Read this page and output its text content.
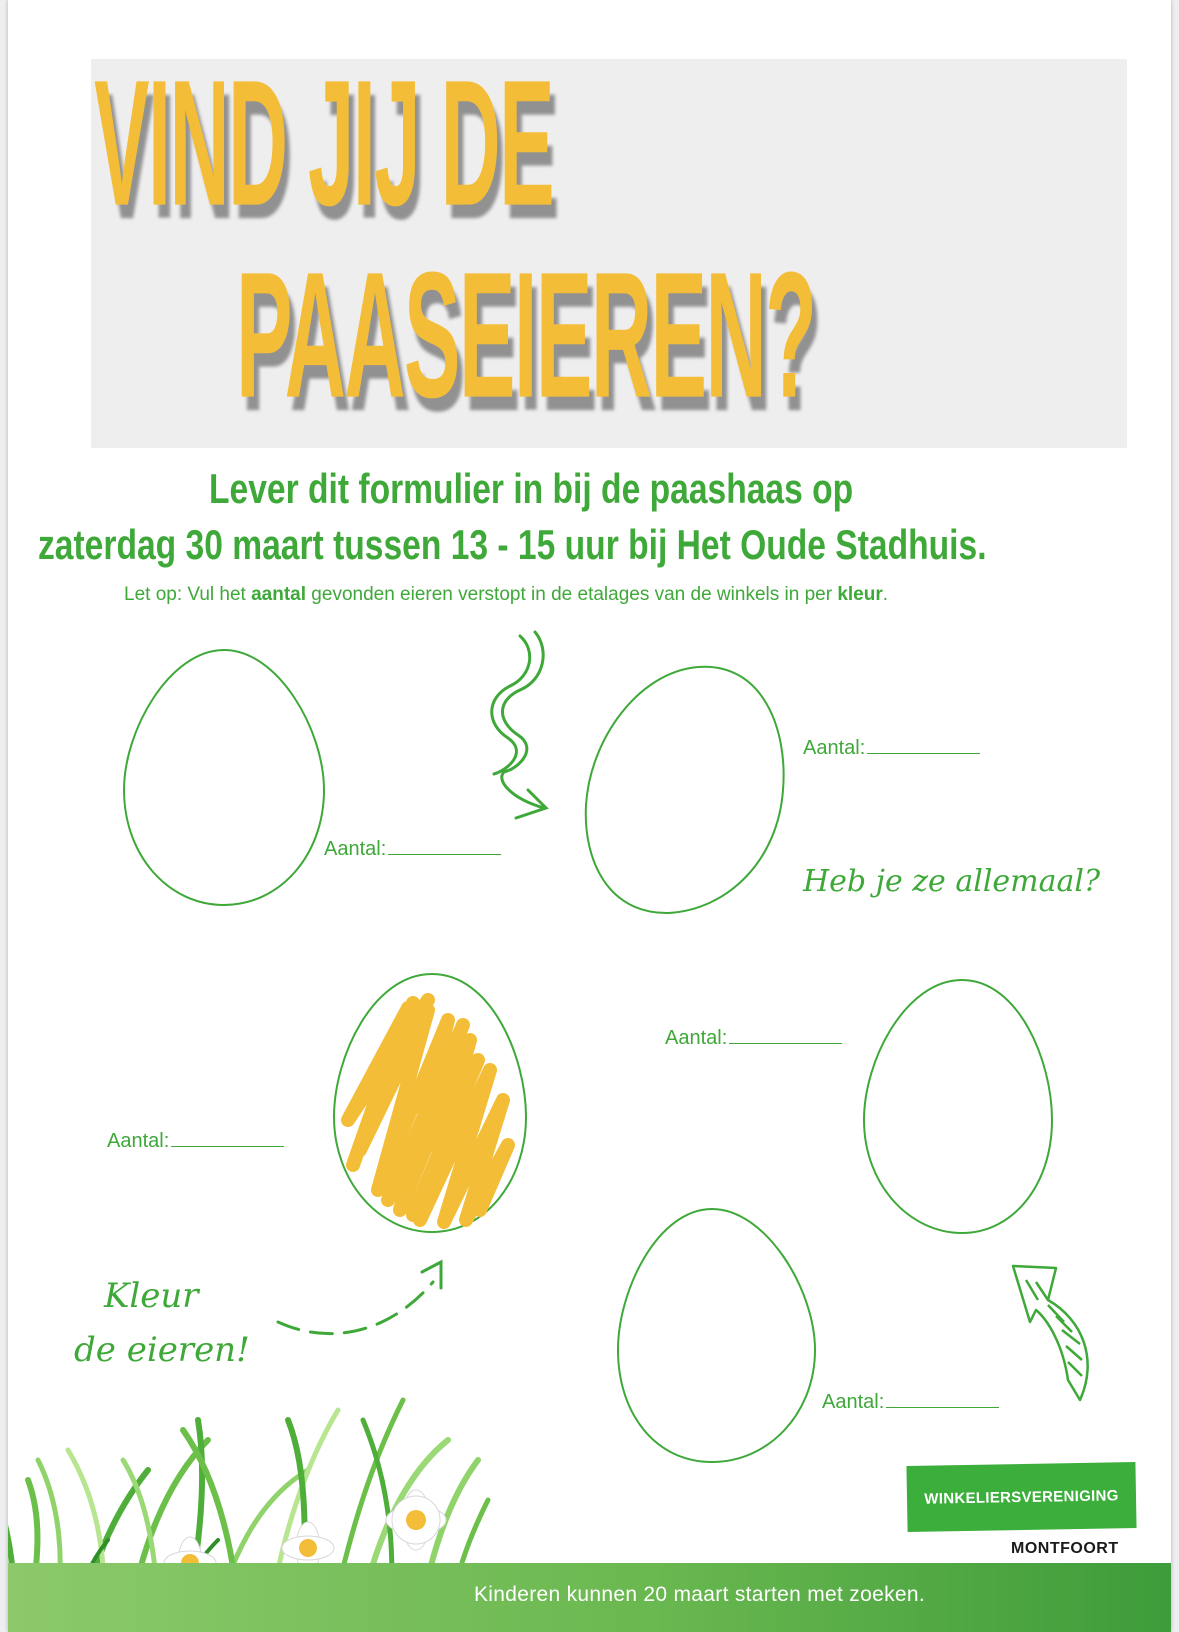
VIND JIJ DE
PAASEIEREN?

Lever dit formulier in bij de paashaas op

zaterdag 30 maart tussen 13 - 15 uur bij Het Oude Stadhuis.

Let op: Vul het aantal gevonden eieren verstopt in de etalages van de winkels in per kleur.
Aantal:
Aantal:
Aantal:
Aantal:
Aantal:

Heb je ze allemaal?

Kleur

de eieren!

WINKELIERSVERENIGING
MONTFOORT
Kinderen kunnen 20 maart starten met zoeken.
